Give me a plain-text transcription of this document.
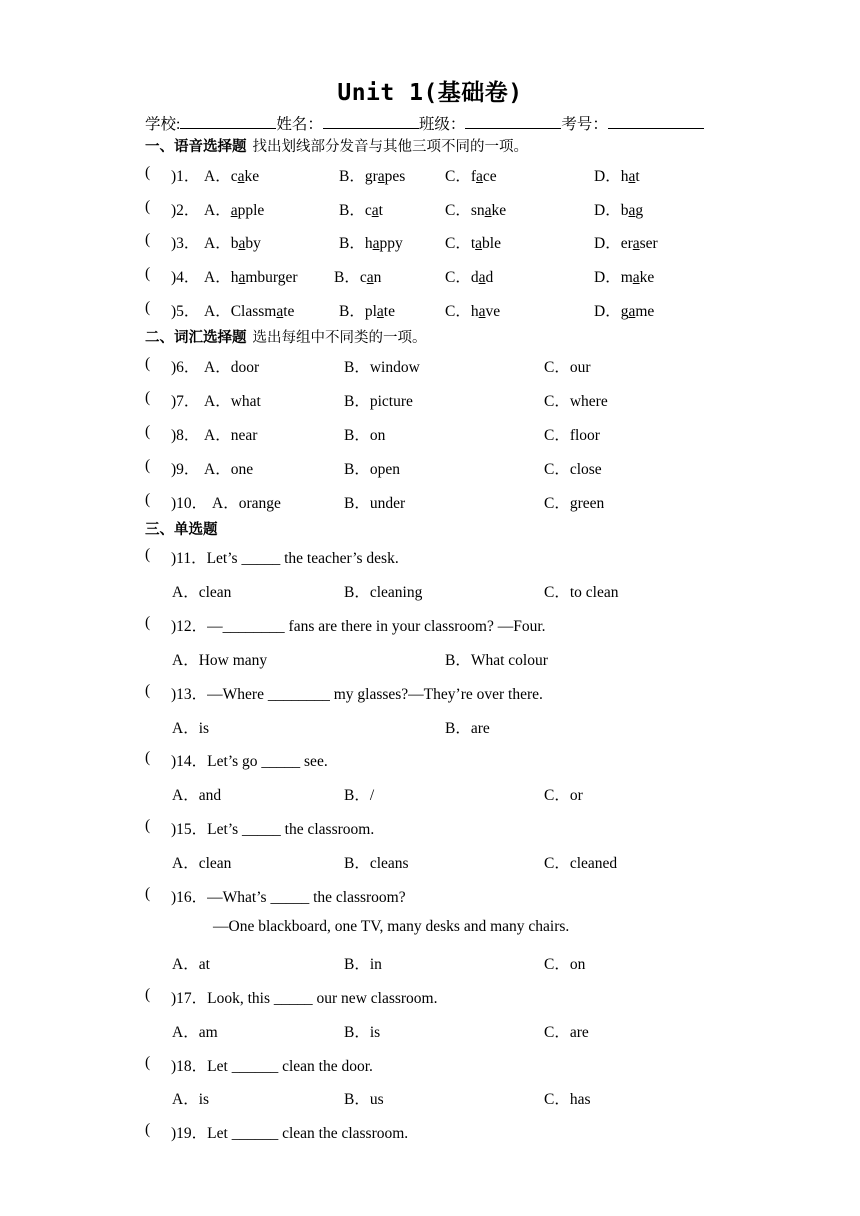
Unit 1(基础卷)
学校:	姓名：	班级：	考号：
一、语音选择题 找出划线部分发音与其他三项不同的一项。
( )1． A．cake	B．grapes	C．face	D．hat
( )2． A．apple	B．cat	C．snake	D．bag
( )3． A．baby	B．happy	C．table	D．eraser
( )4． A．hamburger B．can	C．dad	D．make
( )5． A．Classmate	B．plate	C．have	D．game
二、词汇选择题 选出每组中不同类的一项。
( )6． A．door	B．window	C．our
( )7． A．what	B．picture	C．where
( )8． A．near	B．on	C．floor
( )9． A．one	B．open	C．close
( )10． A．orange	B．under	C．green
三、单选题
( )11．Let’s _____ the teacher’s desk.
A．clean	B．cleaning	C．to clean
( )12．—________ fans are there in your classroom? —Four.
A．How many	B．What colour
( )13．—Where ________ my glasses?—They’re over there.
A．is	B．are
( )14．Let’s go _____ see.
A．and	B．/	C．or
( )15．Let’s _____ the classroom.
A．clean	B．cleans	C．cleaned
( )16．—What’s _____ the classroom?
—One blackboard, one TV, many desks and many chairs.
A．at	B．in	C．on
( )17．Look, this _____ our new classroom.
A．am	B．is	C．are
( )18．Let ______ clean the door.
A．is	B．us	C．has
( )19．Let ______ clean the classroom.
